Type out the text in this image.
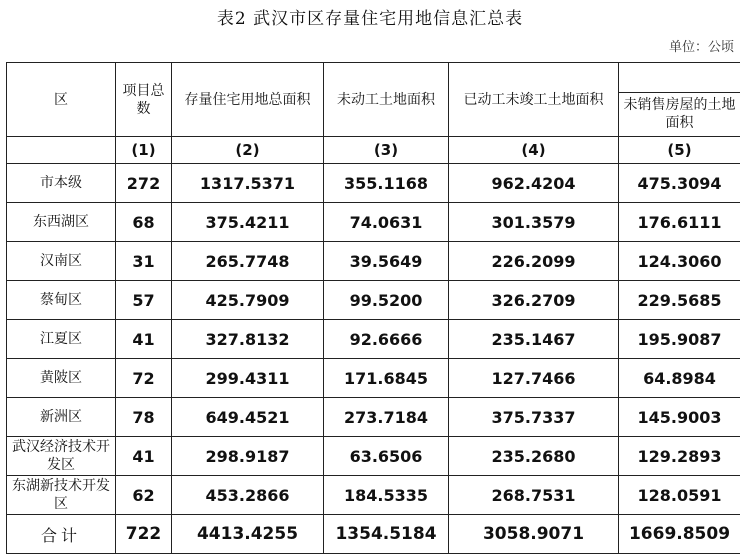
表2 武汉市区存量住宅用地信息汇总表
单位：公顷
区	项目总数	存量住宅用地总面积	未动工土地面积	已动工未竣工土地面积	未销售房屋的土地面积

	(1)	(2)	(3)	(4)	(5)
市本级	272	1317.5371	355.1168	962.4204	475.3094
东西湖区	68	375.4211	74.0631	301.3579	176.6111
汉南区	31	265.7748	39.5649	226.2099	124.3060
蔡甸区	57	425.7909	99.5200	326.2709	229.5685
江夏区	41	327.8132	92.6666	235.1467	195.9087
黄陂区	72	299.4311	171.6845	127.7466	64.8984
新洲区	78	649.4521	273.7184	375.7337	145.9003
武汉经济技术开发区	41	298.9187	63.6506	235.2680	129.2893
东湖新技术开发区	62	453.2866	184.5335	268.7531	128.0591
合计	722	4413.4255	1354.5184	3058.9071	1669.8509
